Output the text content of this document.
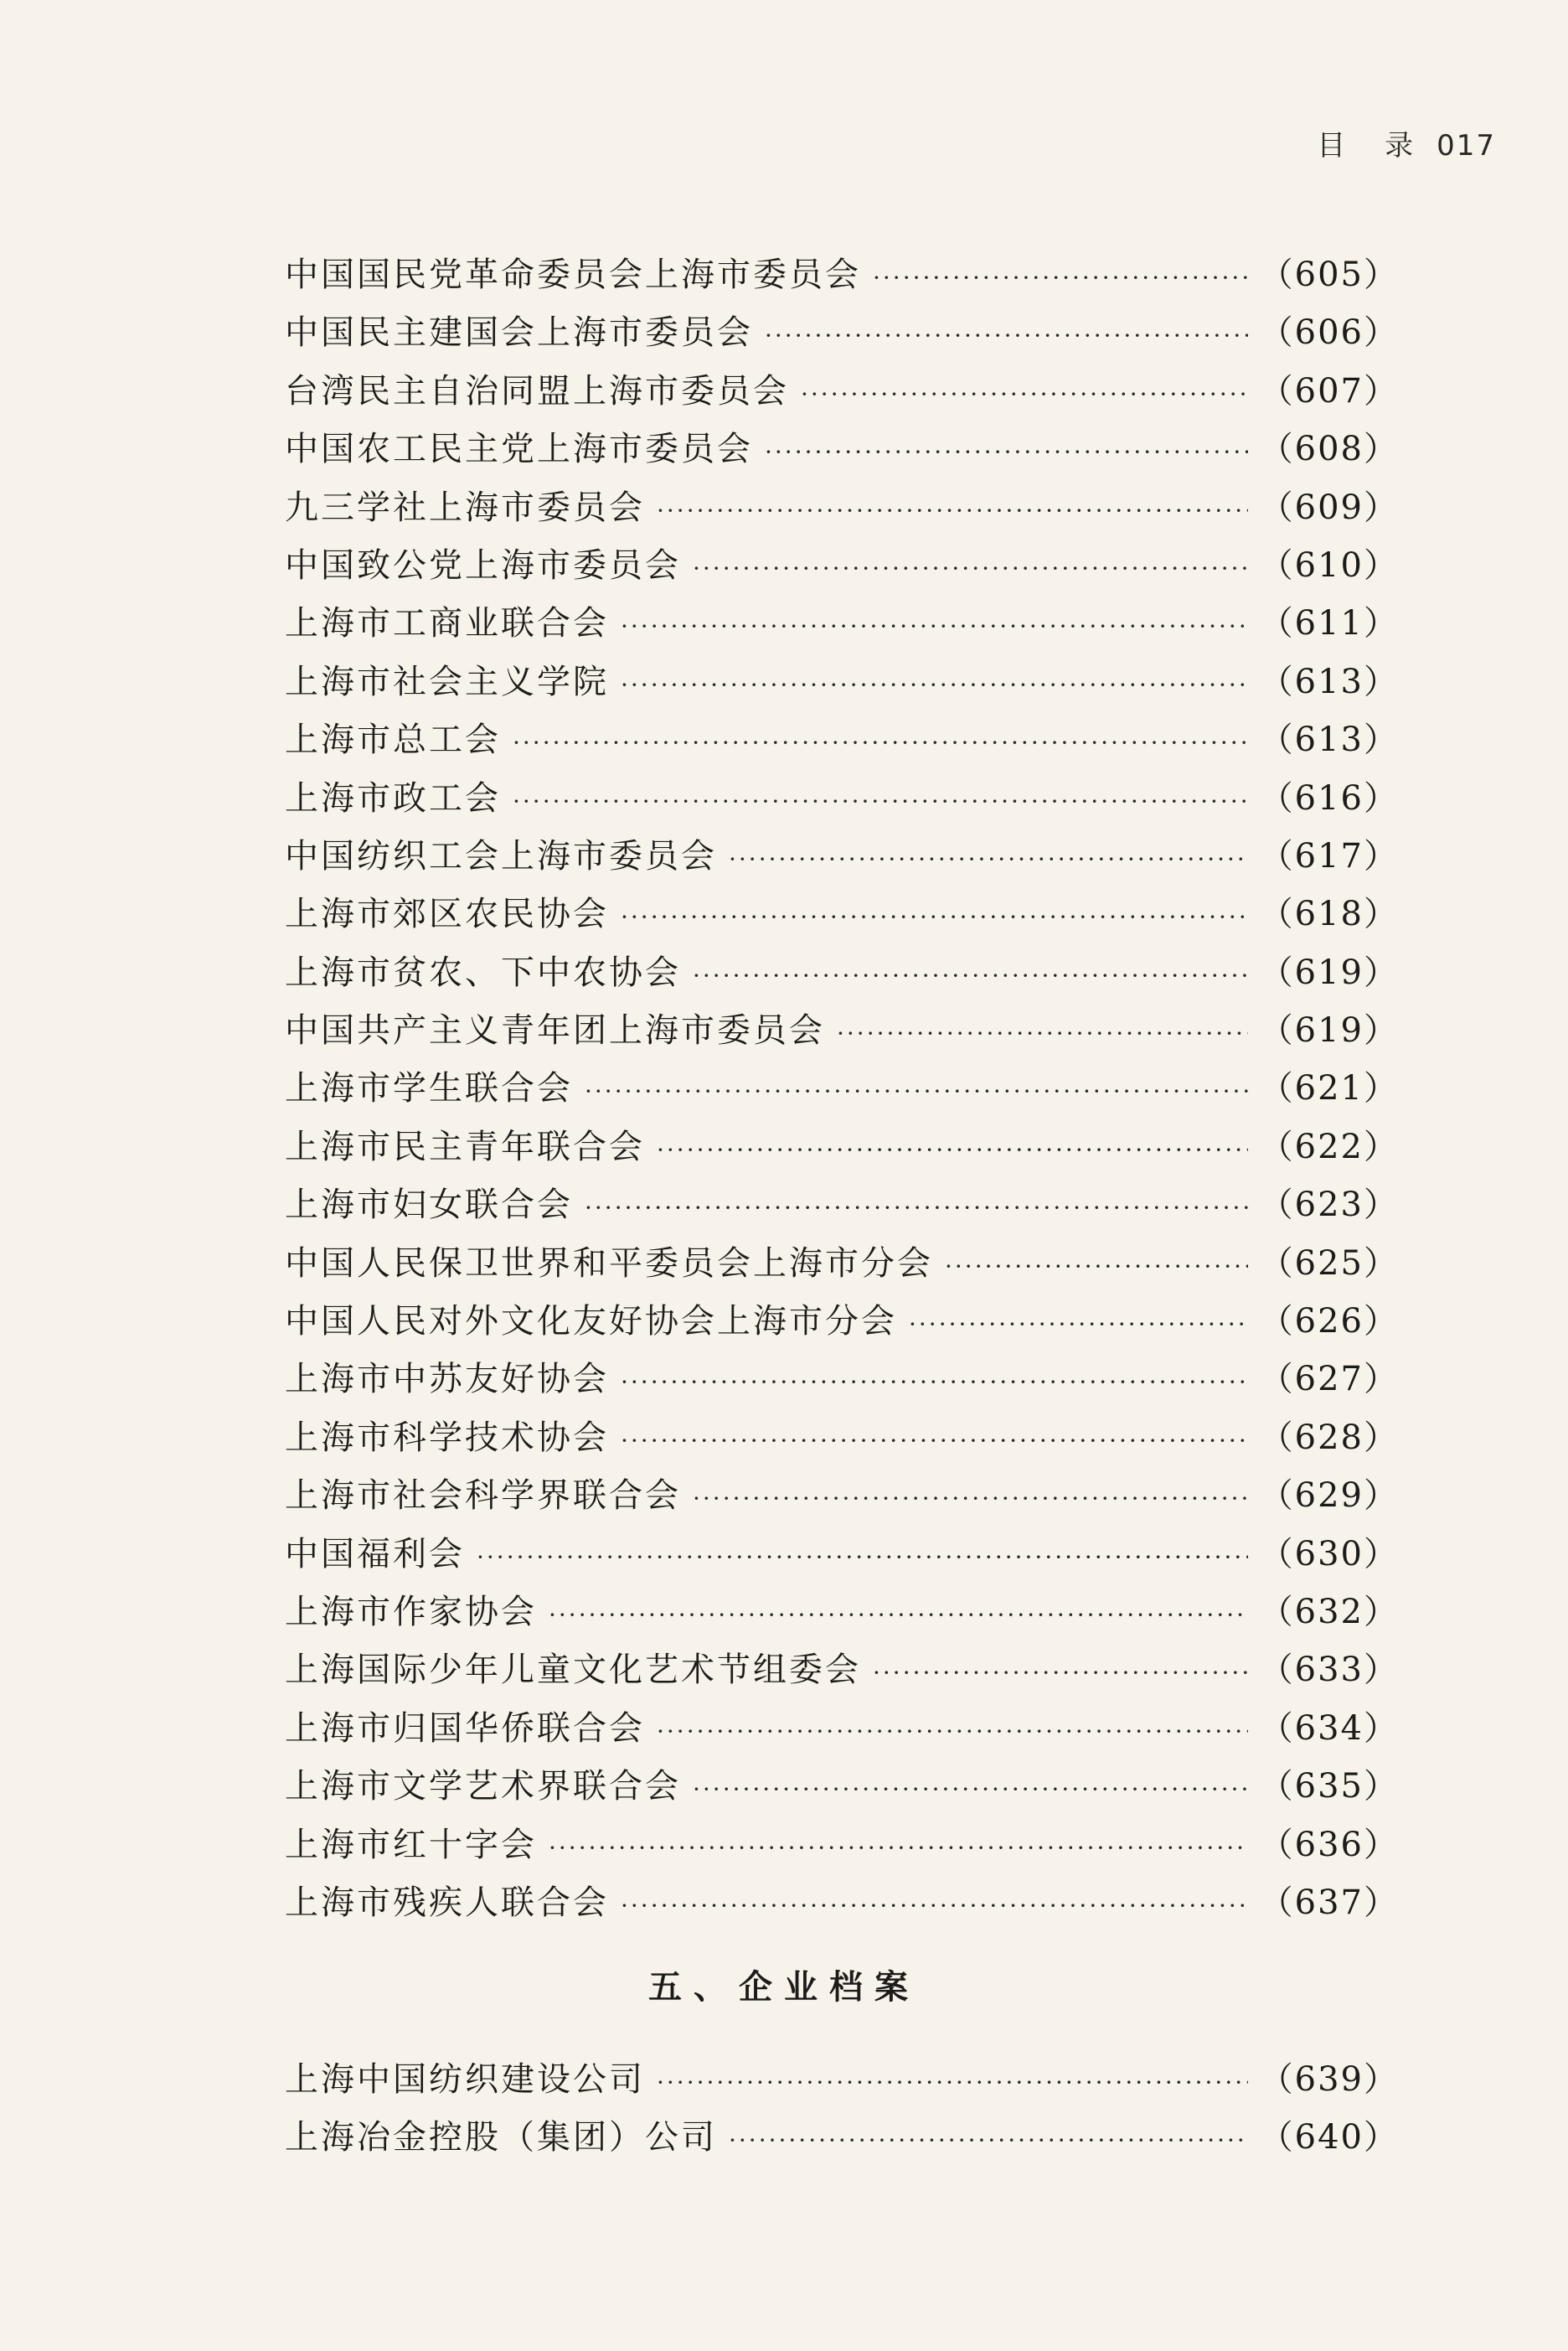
目 录 017
中国国民党革命委员会上海市委员会 ·····	（605）
中国民主建国会上海市委员会 ·····	（606）
台湾民主自治同盟上海市委员会 ·····	（607）
中国农工民主党上海市委员会 ·····	（608）
九三学社上海市委员会 ·····	（609）
中国致公党上海市委员会 ·····	（610）
上海市工商业联合会 ·····	（611）
上海市社会主义学院 ·····	（613）
上海市总工会 ·····	（613）
上海市政工会 ·····	（616）
中国纺织工会上海市委员会 ·····	（617）
上海市郊区农民协会 ·····	（618）
上海市贫农、下中农协会 ·····	（619）
中国共产主义青年团上海市委员会 ·····	（619）
上海市学生联合会 ·····	（621）
上海市民主青年联合会 ·····	（622）
上海市妇女联合会 ·····	（623）
中国人民保卫世界和平委员会上海市分会 ·····	（625）
中国人民对外文化友好协会上海市分会 ·····	（626）
上海市中苏友好协会 ·····	（627）
上海市科学技术协会 ·····	（628）
上海市社会科学界联合会 ·····	（629）
中国福利会 ·····	（630）
上海市作家协会 ·····	（632）
上海国际少年儿童文化艺术节组委会 ·····	（633）
上海市归国华侨联合会 ·····	（634）
上海市文学艺术界联合会 ·····	（635）
上海市红十字会 ·····	（636）
上海市残疾人联合会 ·····	（637）
五、企业档案
上海中国纺织建设公司 ·····	（639）
上海冶金控股（集团）公司 ·····	（640）
